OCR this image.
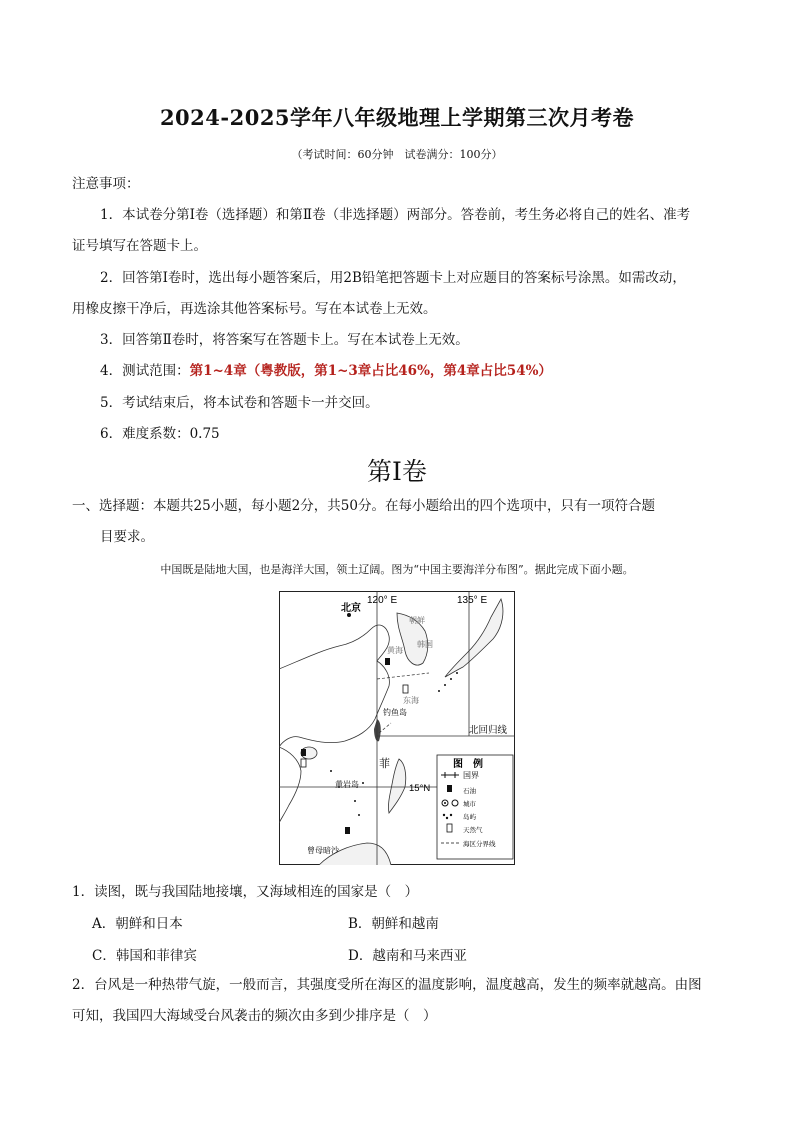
2024-2025学年八年级地理上学期第三次月考卷
（考试时间：60分钟　试卷满分：100分）
注意事项：
1．本试卷分第Ⅰ卷（选择题）和第Ⅱ卷（非选择题）两部分。答卷前，考生务必将自己的姓名、准考
证号填写在答题卡上。
2．回答第Ⅰ卷时，选出每小题答案后，用2B铅笔把答题卡上对应题目的答案标号涂黑。如需改动，
用橡皮擦干净后，再选涂其他答案标号。写在本试卷上无效。
3．回答第Ⅱ卷时，将答案写在答题卡上。写在本试卷上无效。
4．测试范围：第1~4章（粤教版，第1~3章占比46%，第4章占比54%）
5．考试结束后，将本试卷和答题卡一并交回。
6．难度系数：0.75
第Ⅰ卷
一、选择题：本题共25小题，每小题2分，共50分。在每小题给出的四个选项中，只有一项符合题
目要求。
中国既是陆地大国，也是海洋大国，领土辽阔。图为“中国主要海洋分布图”。据此完成下面小题。
北京
120° E	135° E
朝鲜
韩国
黄海
东海
钓鱼岛
北回归线
菲
15°N
黄岩岛
曾母暗沙
图　例
国界
石油
城市
岛屿
天然气
海区分界线
1．读图，既与我国陆地接壤，又海域相连的国家是（　）
A．朝鲜和日本	B．朝鲜和越南
C．韩国和菲律宾	D．越南和马来西亚
2．台风是一种热带气旋，一般而言，其强度受所在海区的温度影响，温度越高，发生的频率就越高。由图
可知，我国四大海域受台风袭击的频次由多到少排序是（　）
